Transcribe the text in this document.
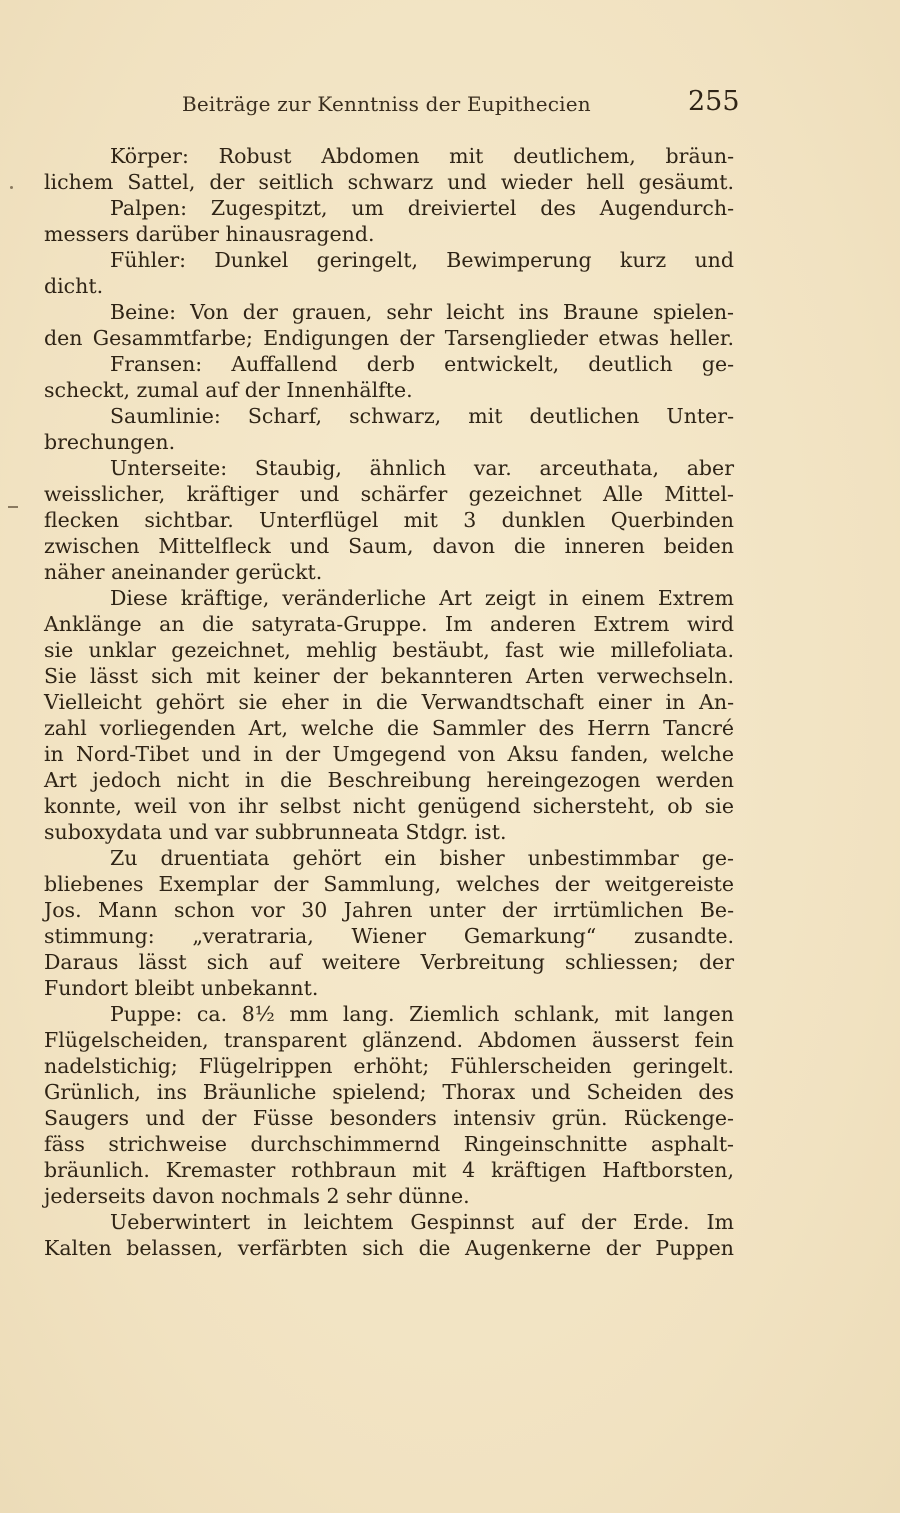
Beiträge zur Kenntniss der Eupithecien	255
Körper: Robust Abdomen mit deutlichem, bräun-
lichem Sattel, der seitlich schwarz und wieder hell gesäumt.
Palpen: Zugespitzt, um dreiviertel des Augendurch-
messers darüber hinausragend.
Fühler: Dunkel geringelt, Bewimperung kurz und
dicht.
Beine: Von der grauen, sehr leicht ins Braune spielen-
den Gesammtfarbe; Endigungen der Tarsenglieder etwas heller.
Fransen: Auffallend derb entwickelt, deutlich ge-
scheckt, zumal auf der Innenhälfte.
Saumlinie: Scharf, schwarz, mit deutlichen Unter-
brechungen.
Unterseite: Staubig, ähnlich var. arceuthata, aber
weisslicher, kräftiger und schärfer gezeichnet Alle Mittel-
flecken sichtbar. Unterflügel mit 3 dunklen Querbinden
zwischen Mittelfleck und Saum, davon die inneren beiden
näher aneinander gerückt.
Diese kräftige, veränderliche Art zeigt in einem Extrem
Anklänge an die satyrata-Gruppe. Im anderen Extrem wird
sie unklar gezeichnet, mehlig bestäubt, fast wie millefoliata.
Sie lässt sich mit keiner der bekannteren Arten verwechseln.
Vielleicht gehört sie eher in die Verwandtschaft einer in An-
zahl vorliegenden Art, welche die Sammler des Herrn Tancré
in Nord-Tibet und in der Umgegend von Aksu fanden, welche
Art jedoch nicht in die Beschreibung hereingezogen werden
konnte, weil von ihr selbst nicht genügend sichersteht, ob sie
suboxydata und var subbrunneata Stdgr. ist.
Zu druentiata gehört ein bisher unbestimmbar ge-
bliebenes Exemplar der Sammlung, welches der weitgereiste
Jos. Mann schon vor 30 Jahren unter der irrtümlichen Be-
stimmung: „veratraria, Wiener Gemarkung“ zusandte.
Daraus lässt sich auf weitere Verbreitung schliessen; der
Fundort bleibt unbekannt.
Puppe: ca. 8½ mm lang. Ziemlich schlank, mit langen
Flügelscheiden, transparent glänzend. Abdomen äusserst fein
nadelstichig; Flügelrippen erhöht; Fühlerscheiden geringelt.
Grünlich, ins Bräunliche spielend; Thorax und Scheiden des
Saugers und der Füsse besonders intensiv grün. Rückenge-
fäss strichweise durchschimmernd Ringeinschnitte asphalt-
bräunlich. Kremaster rothbraun mit 4 kräftigen Haftborsten,
jederseits davon nochmals 2 sehr dünne.
Ueberwintert in leichtem Gespinnst auf der Erde. Im
Kalten belassen, verfärbten sich die Augenkerne der Puppen
